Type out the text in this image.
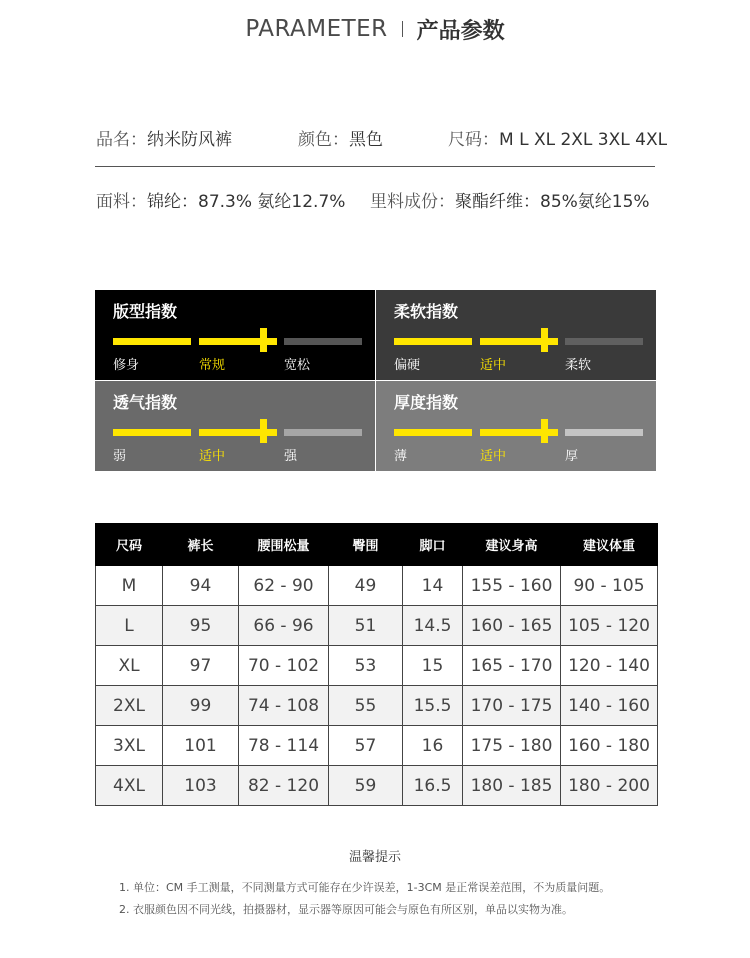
PARAMETER 产品参数
品名：纳米防风裤	颜色：黑色	尺码：M L XL 2XL 3XL 4XL
面料：锦纶：87.3% 氨纶12.7% 里料成份：聚酯纤维：85%氨纶15%
版型指数
修身	常规	宽松
柔软指数
偏硬	适中	柔软
透气指数
弱	适中	强
厚度指数
薄	适中	厚
尺码	裤长	腰围松量	臀围	脚口	建议身高	建议体重
M	94	62 - 90	49	14	155 - 160	90 - 105
L	95	66 - 96	51	14.5	160 - 165	105 - 120
XL	97	70 - 102	53	15	165 - 170	120 - 140
2XL	99	74 - 108	55	15.5	170 - 175	140 - 160
3XL	101	78 - 114	57	16	175 - 180	160 - 180
4XL	103	82 - 120	59	16.5	180 - 185	180 - 200
温馨提示
1. 单位：CM 手工测量，不同测量方式可能存在少许误差，1-3CM 是正常误差范围，不为质量问题。
2. 衣服颜色因不同光线，拍摄器材，显示器等原因可能会与原色有所区别，单品以实物为准。
